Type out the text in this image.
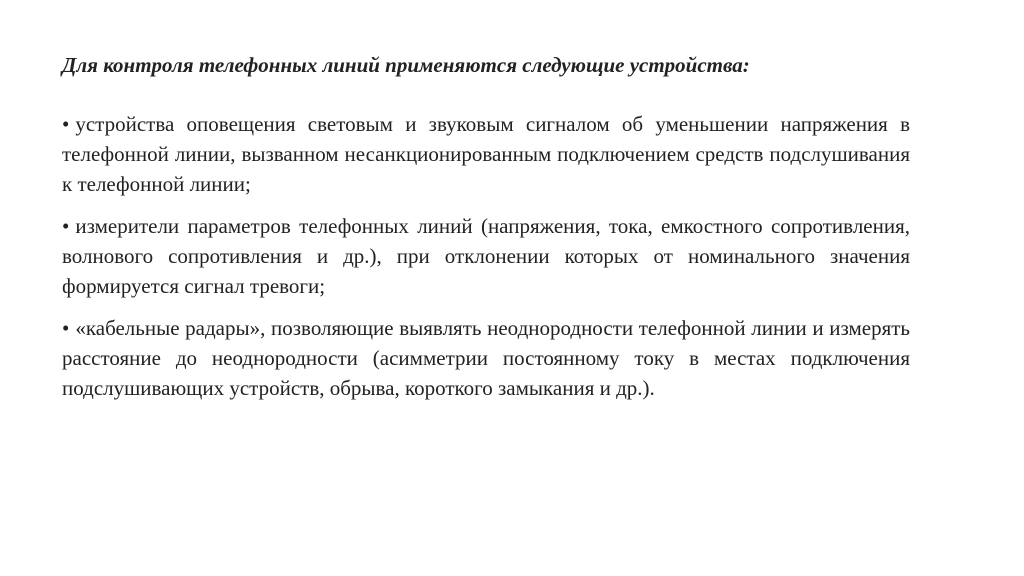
Для контроля телефонных линий применяются следующие устройства:
• устройства оповещения световым и звуковым сигналом об уменьшении напряжения в телефонной линии, вызванном несанкционированным подключением средств подслушивания к телефонной линии;
• измерители параметров телефонных линий (напряжения, тока, емкостного сопротивления, волнового сопротивления и др.), при отклонении которых от номинального значения формируется сигнал тревоги;
• «кабельные радары», позволяющие выявлять неоднородности телефонной линии и измерять расстояние до неоднородности (асимметрии постоянному току в местах подключения подслушивающих устройств, обрыва, короткого замыкания и др.).
